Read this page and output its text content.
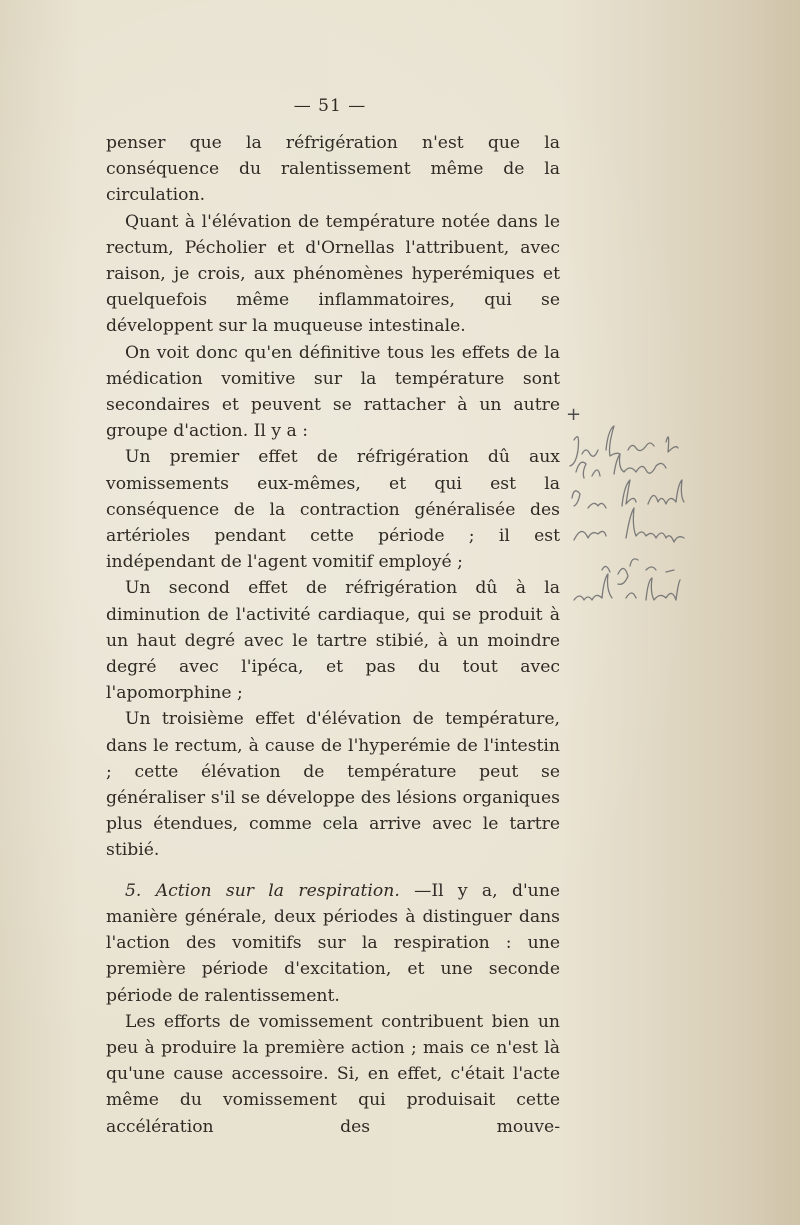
— 51 —

penser que la réfrigération n'est que la conséquence du ralentissement même de la circulation.

Quant à l'élévation de température notée dans le rectum, Pécholier et d'Ornellas l'attribuent, avec raison, je crois, aux phénomènes hyperémiques et quelquefois même inflammatoires, qui se développent sur la muqueuse intestinale.

On voit donc qu'en définitive tous les effets de la médication vomitive sur la température sont secondaires et peuvent se rattacher à un autre groupe d'action. Il y a :

Un premier effet de réfrigération dû aux vomissements eux-mêmes, et qui est la conséquence de la contraction généralisée des artérioles pendant cette période ; il est indépendant de l'agent vomitif employé ;

Un second effet de réfrigération dû à la diminution de l'activité cardiaque, qui se produit à un haut degré avec le tartre stibié, à un moindre degré avec l'ipéca, et pas du tout avec l'apomorphine ;

Un troisième effet d'élévation de température, dans le rectum, à cause de l'hyperémie de l'intestin ; cette élévation de température peut se généraliser s'il se développe des lésions organiques plus étendues, comme cela arrive avec le tartre stibié.

5. Action sur la respiration. —Il y a, d'une manière générale, deux périodes à distinguer dans l'action des vomitifs sur la respiration : une première période d'excitation, et une seconde période de ralentissement.

Les efforts de vomissement contribuent bien un peu à produire la première action ; mais ce n'est là qu'une cause accessoire. Si, en effet, c'était l'acte même du vomissement qui produisait cette accélération des mouve-

+
